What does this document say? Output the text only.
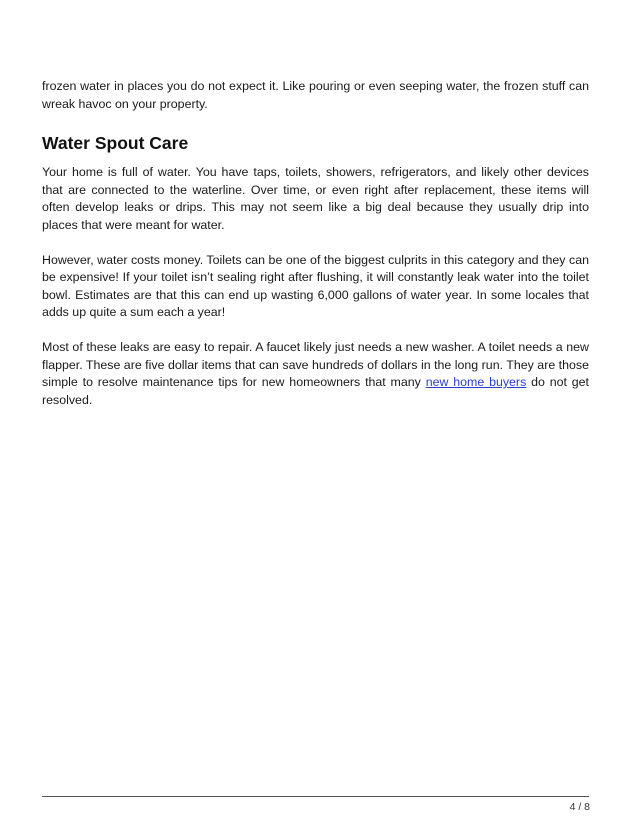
frozen water in places you do not expect it. Like pouring or even seeping water, the frozen stuff can wreak havoc on your property.

Water Spout Care

Your home is full of water. You have taps, toilets, showers, refrigerators, and likely other devices that are connected to the waterline. Over time, or even right after replacement, these items will often develop leaks or drips. This may not seem like a big deal because they usually drip into places that were meant for water.

However, water costs money. Toilets can be one of the biggest culprits in this category and they can be expensive! If your toilet isn’t sealing right after flushing, it will constantly leak water into the toilet bowl. Estimates are that this can end up wasting 6,000 gallons of water year. In some locales that adds up quite a sum each a year!

Most of these leaks are easy to repair. A faucet likely just needs a new washer. A toilet needs a new flapper. These are five dollar items that can save hundreds of dollars in the long run. They are those simple to resolve maintenance tips for new homeowners that many new home buyers do not get resolved.

4 / 8
